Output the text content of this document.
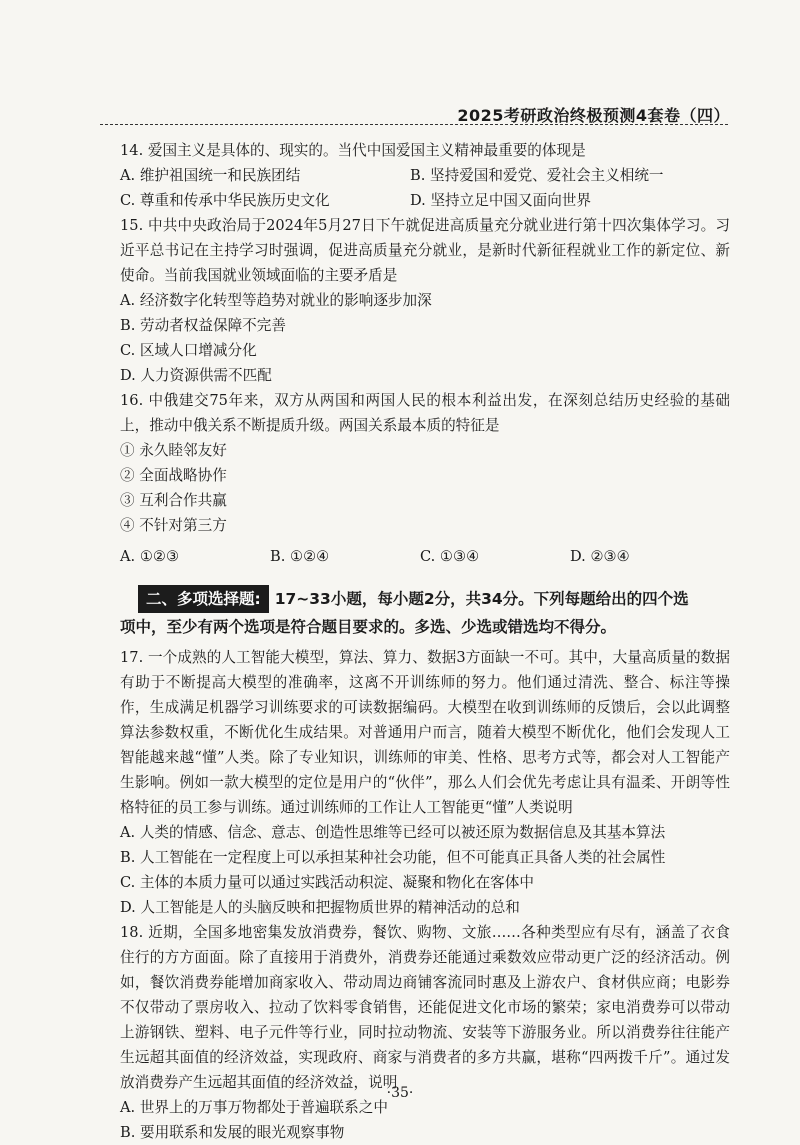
2025考研政治终极预测4套卷（四）
14. 爱国主义是具体的、现实的。当代中国爱国主义精神最重要的体现是
A. 维护祖国统一和民族团结	B. 坚持爱国和爱党、爱社会主义相统一
C. 尊重和传承中华民族历史文化	D. 坚持立足中国又面向世界
15. 中共中央政治局于2024年5月27日下午就促进高质量充分就业进行第十四次集体学习。习近平总书记在主持学习时强调，促进高质量充分就业，是新时代新征程就业工作的新定位、新使命。当前我国就业领域面临的主要矛盾是
A. 经济数字化转型等趋势对就业的影响逐步加深
B. 劳动者权益保障不完善
C. 区域人口增减分化
D. 人力资源供需不匹配
16. 中俄建交75年来，双方从两国和两国人民的根本利益出发，在深刻总结历史经验的基础上，推动中俄关系不断提质升级。两国关系最本质的特征是
① 永久睦邻友好
② 全面战略协作
③ 互利合作共赢
④ 不针对第三方
A. ①②③	B. ①②④	C. ①③④	D. ②③④
二、多项选择题: 17~33小题，每小题2分，共34分。下列每题给出的四个选
项中，至少有两个选项是符合题目要求的。多选、少选或错选均不得分。
17. 一个成熟的人工智能大模型，算法、算力、数据3方面缺一不可。其中，大量高质量的数据有助于不断提高大模型的准确率，这离不开训练师的努力。他们通过清洗、整合、标注等操作，生成满足机器学习训练要求的可读数据编码。大模型在收到训练师的反馈后，会以此调整算法参数权重，不断优化生成结果。对普通用户而言，随着大模型不断优化，他们会发现人工智能越来越“懂”人类。除了专业知识，训练师的审美、性格、思考方式等，都会对人工智能产生影响。例如一款大模型的定位是用户的“伙伴”，那么人们会优先考虑让具有温柔、开朗等性格特征的员工参与训练。通过训练师的工作让人工智能更“懂”人类说明
A. 人类的情感、信念、意志、创造性思维等已经可以被还原为数据信息及其基本算法
B. 人工智能在一定程度上可以承担某种社会功能，但不可能真正具备人类的社会属性
C. 主体的本质力量可以通过实践活动积淀、凝聚和物化在客体中
D. 人工智能是人的头脑反映和把握物质世界的精神活动的总和
18. 近期，全国多地密集发放消费券，餐饮、购物、文旅……各种类型应有尽有，涵盖了衣食住行的方方面面。除了直接用于消费外，消费券还能通过乘数效应带动更广泛的经济活动。例如，餐饮消费券能增加商家收入、带动周边商铺客流同时惠及上游农户、食材供应商；电影券不仅带动了票房收入、拉动了饮料零食销售，还能促进文化市场的繁荣；家电消费券可以带动上游钢铁、塑料、电子元件等行业，同时拉动物流、安装等下游服务业。所以消费券往往能产生远超其面值的经济效益，实现政府、商家与消费者的多方共赢，堪称“四两拨千斤”。通过发放消费券产生远超其面值的经济效益，说明
A. 世界上的万事万物都处于普遍联系之中
B. 要用联系和发展的眼光观察事物
·35·
